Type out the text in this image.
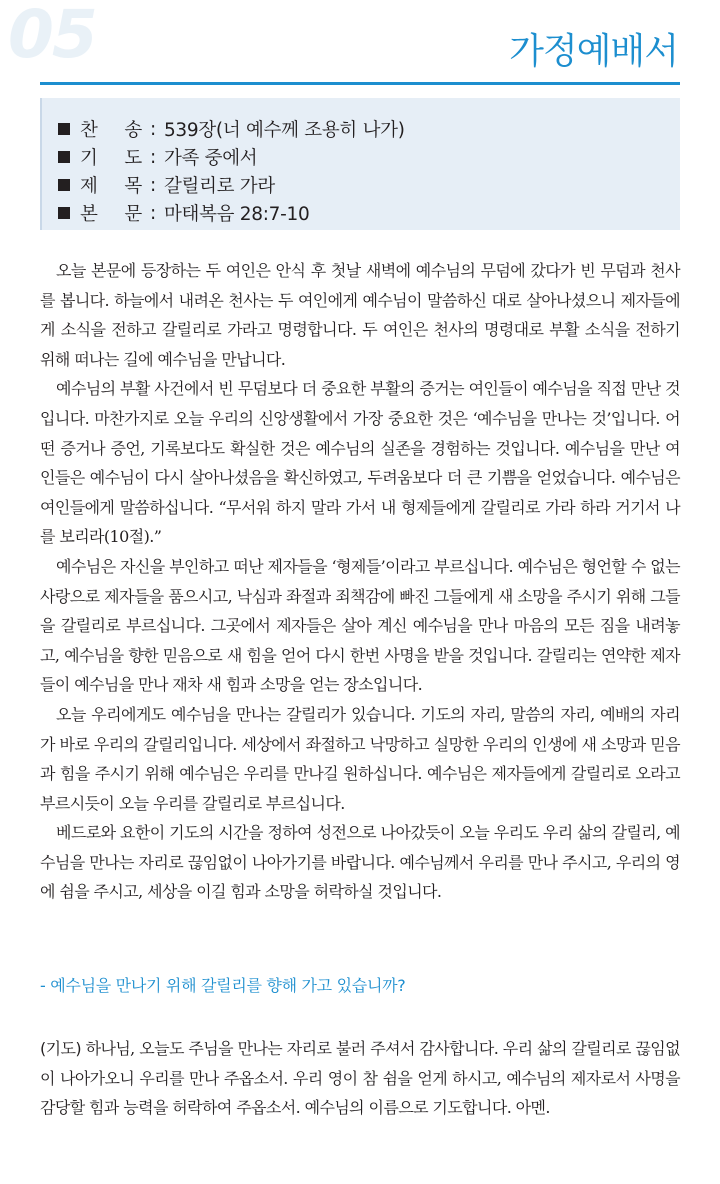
05	가정예배서
찬 송 : 539장(너 예수께 조용히 나가)
기 도 : 가족 중에서
제 목 : 갈릴리로 가라
본 문 : 마태복음 28:7-10

오늘 본문에 등장하는 두 여인은 안식 후 첫날 새벽에 예수님의 무덤에 갔다가 빈 무덤과 천사를 봅니다. 하늘에서 내려온 천사는 두 여인에게 예수님이 말씀하신 대로 살아나셨으니 제자들에게 소식을 전하고 갈릴리로 가라고 명령합니다. 두 여인은 천사의 명령대로 부활 소식을 전하기 위해 떠나는 길에 예수님을 만납니다.

예수님의 부활 사건에서 빈 무덤보다 더 중요한 부활의 증거는 여인들이 예수님을 직접 만난 것입니다. 마찬가지로 오늘 우리의 신앙생활에서 가장 중요한 것은 ‘예수님을 만나는 것’입니다. 어떤 증거나 증언, 기록보다도 확실한 것은 예수님의 실존을 경험하는 것입니다. 예수님을 만난 여인들은 예수님이 다시 살아나셨음을 확신하였고, 두려움보다 더 큰 기쁨을 얻었습니다. 예수님은 여인들에게 말씀하십니다. “무서워 하지 말라 가서 내 형제들에게 갈릴리로 가라 하라 거기서 나를 보리라(10절).”

예수님은 자신을 부인하고 떠난 제자들을 ‘형제들’이라고 부르십니다. 예수님은 형언할 수 없는 사랑으로 제자들을 품으시고, 낙심과 좌절과 죄책감에 빠진 그들에게 새 소망을 주시기 위해 그들을 갈릴리로 부르십니다. 그곳에서 제자들은 살아 계신 예수님을 만나 마음의 모든 짐을 내려놓고, 예수님을 향한 믿음으로 새 힘을 얻어 다시 한번 사명을 받을 것입니다. 갈릴리는 연약한 제자들이 예수님을 만나 재차 새 힘과 소망을 얻는 장소입니다.

오늘 우리에게도 예수님을 만나는 갈릴리가 있습니다. 기도의 자리, 말씀의 자리, 예배의 자리가 바로 우리의 갈릴리입니다. 세상에서 좌절하고 낙망하고 실망한 우리의 인생에 새 소망과 믿음과 힘을 주시기 위해 예수님은 우리를 만나길 원하십니다. 예수님은 제자들에게 갈릴리로 오라고 부르시듯이 오늘 우리를 갈릴리로 부르십니다.

베드로와 요한이 기도의 시간을 정하여 성전으로 나아갔듯이 오늘 우리도 우리 삶의 갈릴리, 예수님을 만나는 자리로 끊임없이 나아가기를 바랍니다. 예수님께서 우리를 만나 주시고, 우리의 영에 쉼을 주시고, 세상을 이길 힘과 소망을 허락하실 것입니다.

- 예수님을 만나기 위해 갈릴리를 향해 가고 있습니까?
(기도) 하나님, 오늘도 주님을 만나는 자리로 불러 주셔서 감사합니다. 우리 삶의 갈릴리로 끊임없이 나아가오니 우리를 만나 주옵소서. 우리 영이 참 쉼을 얻게 하시고, 예수님의 제자로서 사명을 감당할 힘과 능력을 허락하여 주옵소서. 예수님의 이름으로 기도합니다. 아멘.
